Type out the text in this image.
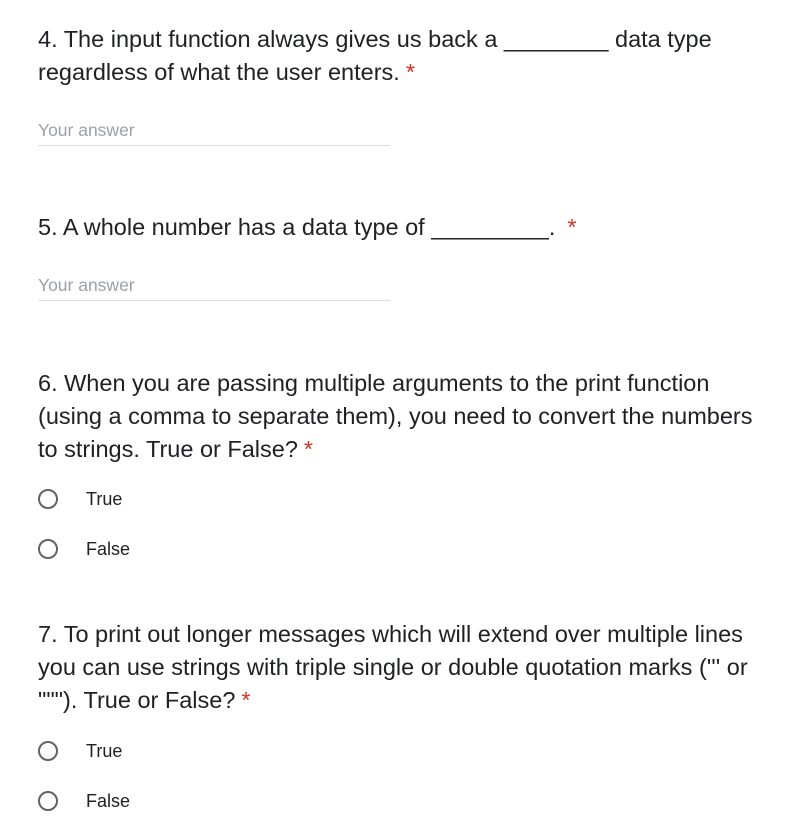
4. The input function always gives us back a ________ data type regardless of what the user enters. *

Your answer

5. A whole number has a data type of _________. *

Your answer

6. When you are passing multiple arguments to the print function (using a comma to separate them), you need to convert the numbers to strings. True or False? *

True
False

7. To print out longer messages which will extend over multiple lines you can use strings with triple single or double quotation marks (''' or """). True or False? *

True
False
